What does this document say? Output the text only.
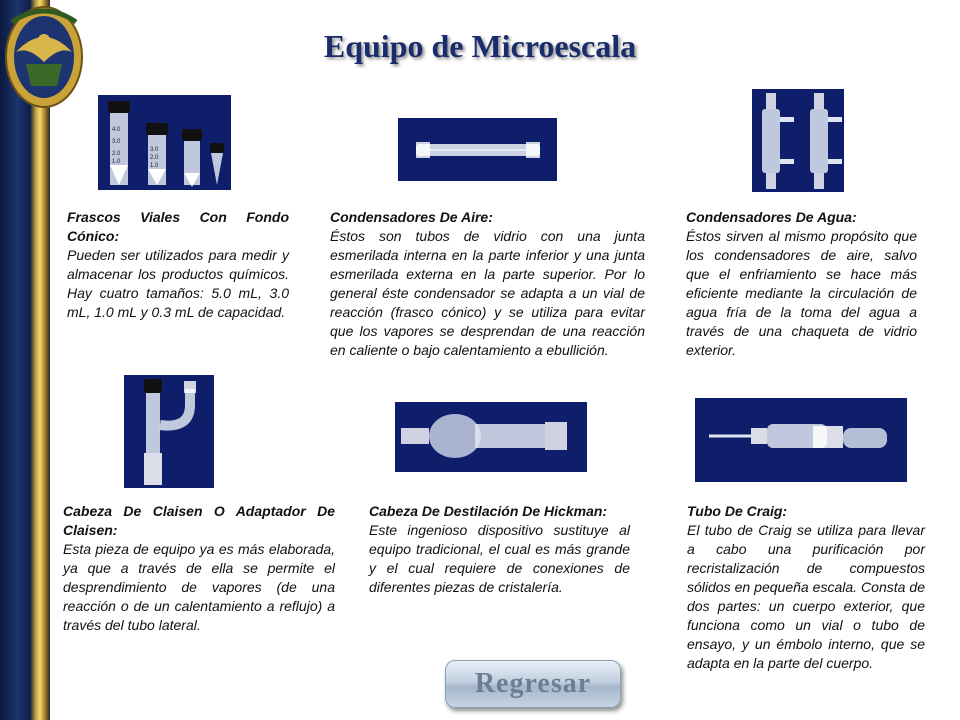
Equipo de Microescala
4.0
3.0
2.0
1.0
3.0
2.0
1.0
Frascos Viales Con Fondo Cónico:
Pueden ser utilizados para medir y almacenar los productos químicos. Hay cuatro tamaños: 5.0 mL, 3.0 mL, 1.0 mL y 0.3 mL de capacidad.
Condensadores De Aire:
Éstos son tubos de vidrio con una junta esmerilada interna en la parte inferior y una junta esmerilada externa en la parte superior. Por lo general éste condensador se adapta a un vial de reacción (frasco cónico) y se utiliza para evitar que los vapores se desprendan de una reacción en caliente o bajo calentamiento a ebullición.
Condensadores De Agua:
Éstos sirven al mismo propósito que los condensadores de aire, salvo que el enfriamiento se hace más eficiente mediante la circulación de agua fría de la toma del agua a través de una chaqueta de vidrio exterior.
Cabeza De Claisen O Adaptador De Claisen:
Esta pieza de equipo ya es más elaborada, ya que a través de ella se permite el desprendimiento de vapores (de una reacción o de un calentamiento a reflujo) a través del tubo lateral.
Cabeza De Destilación De Hickman:
Este ingenioso dispositivo sustituye al equipo tradicional, el cual es más grande y el cual requiere de conexiones de diferentes piezas de cristalería.
Tubo De Craig:
El tubo de Craig se utiliza para llevar a cabo una purificación por recristalización de compuestos sólidos en pequeña escala. Consta de dos partes: un cuerpo exterior, que funciona como un vial o tubo de ensayo, y un émbolo interno, que se adapta en la parte del cuerpo.
Regresar
